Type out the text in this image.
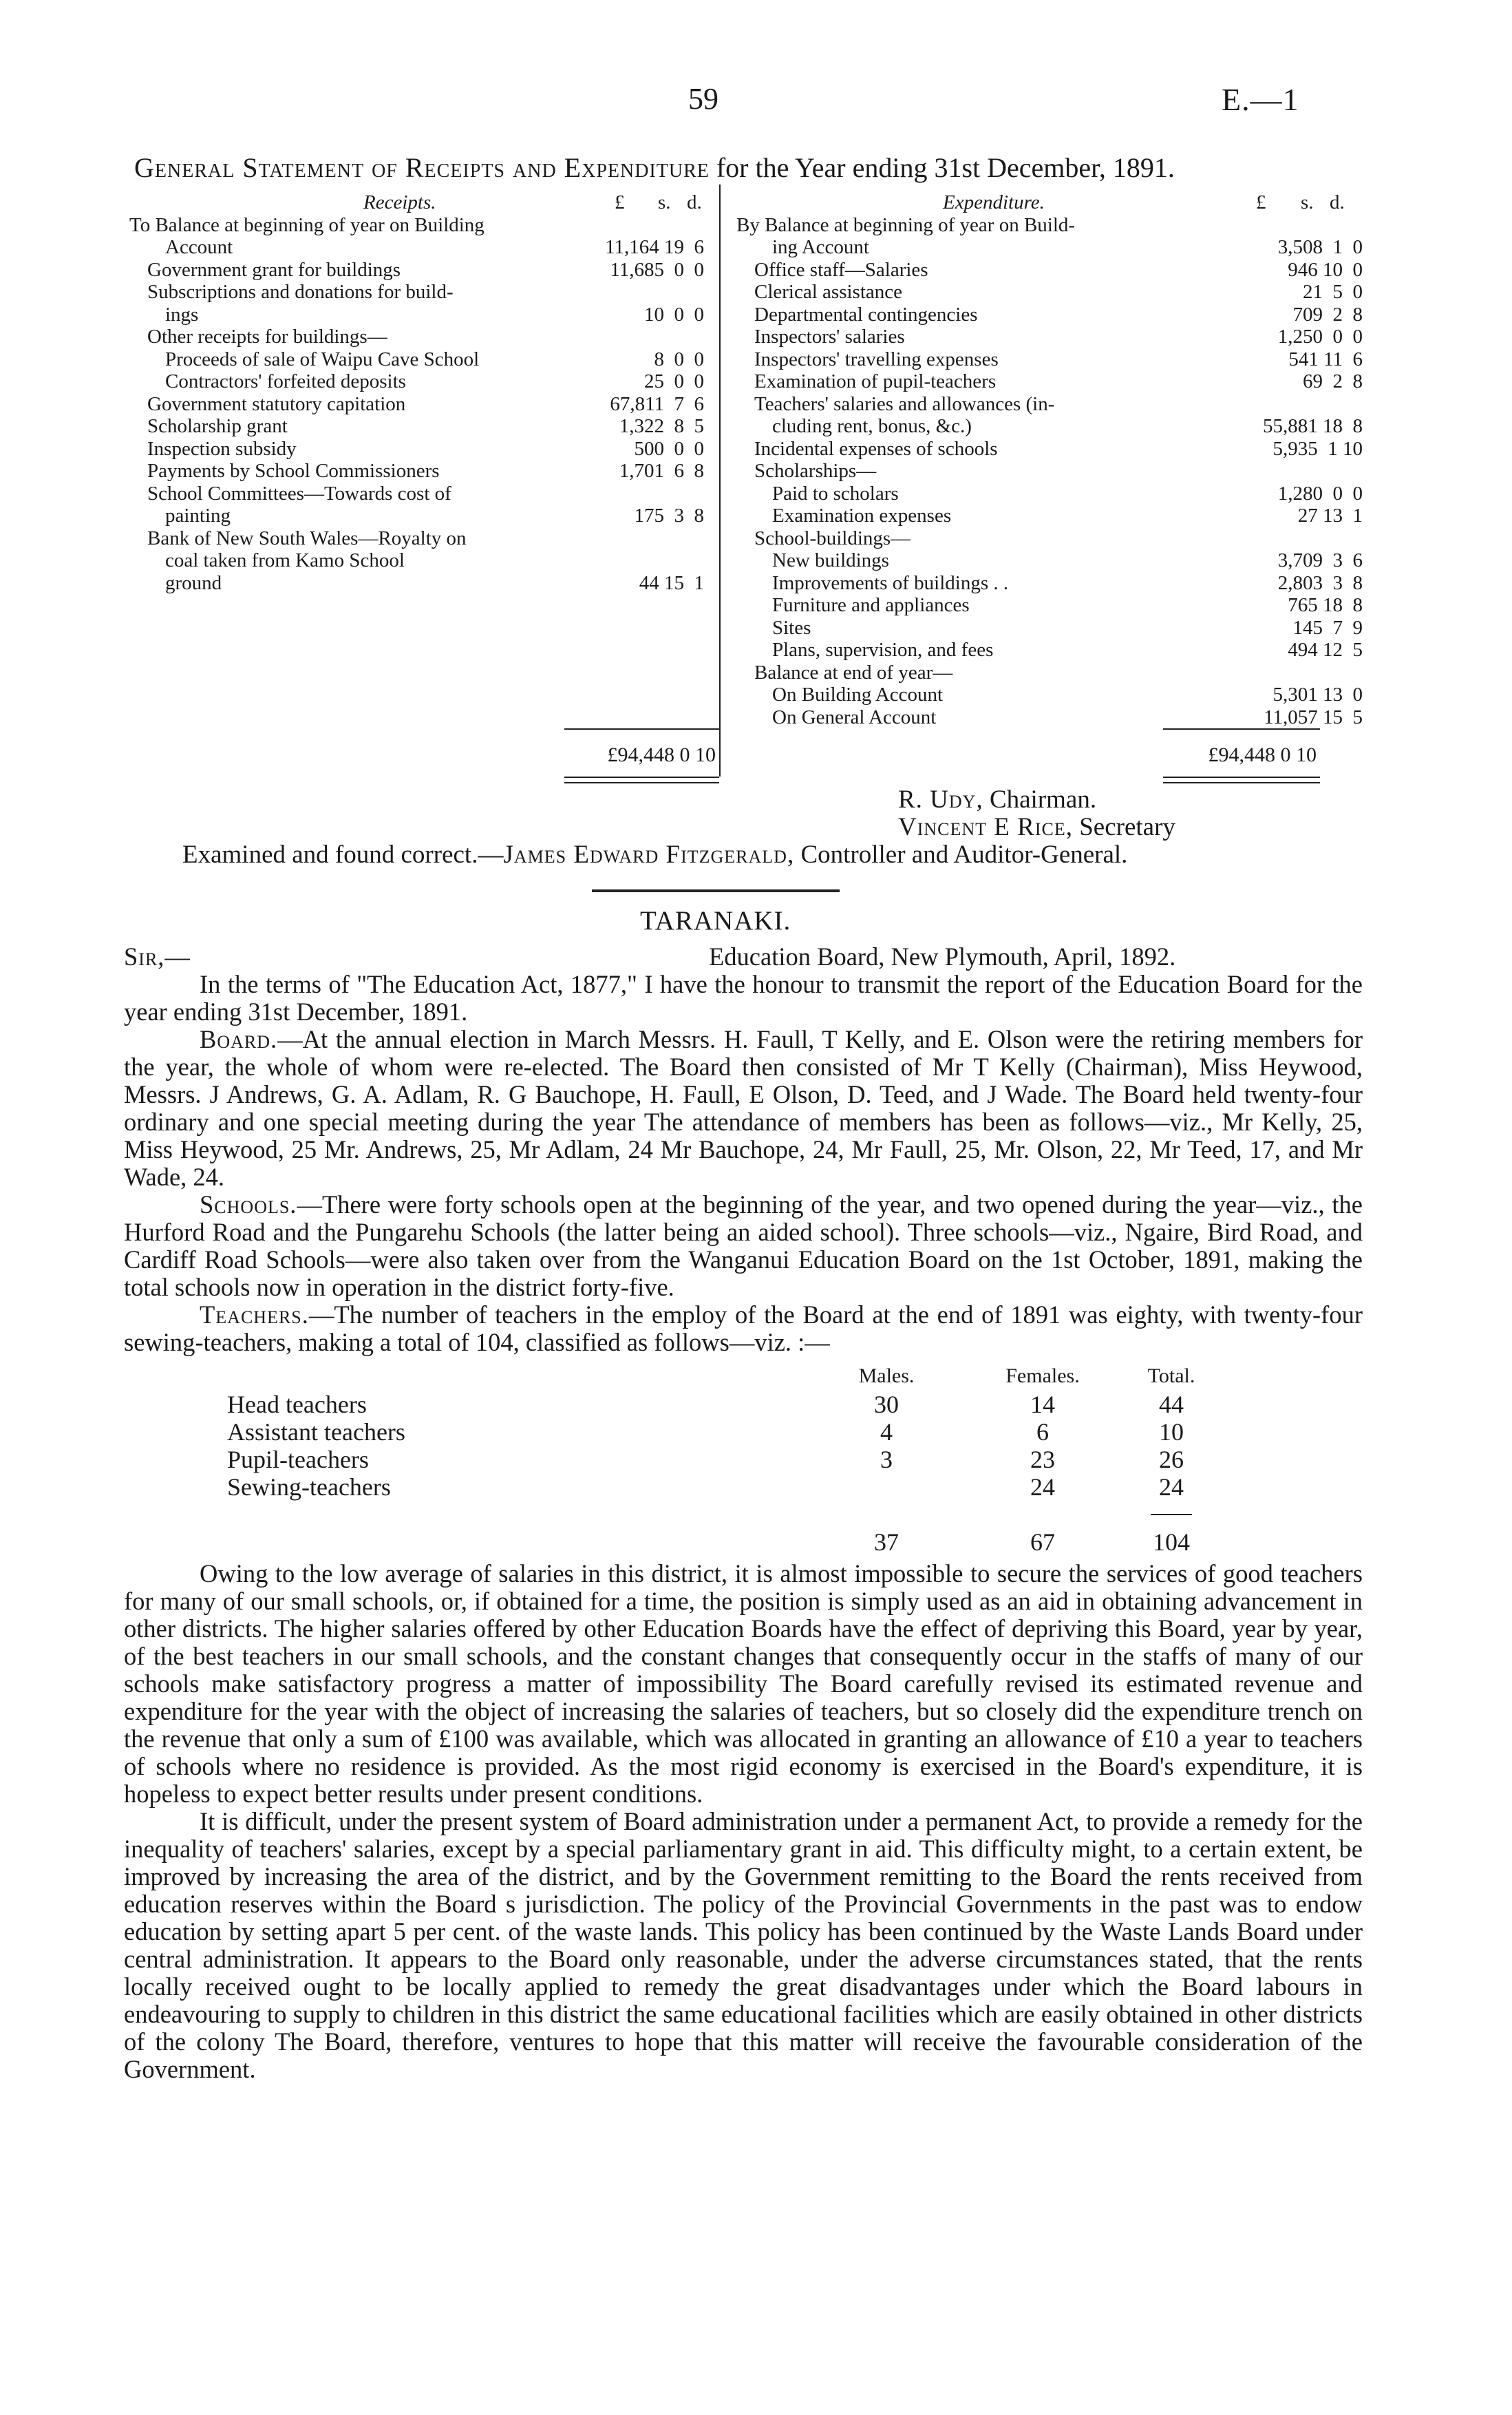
59	E.—1
General Statement of Receipts and Expenditure for the Year ending 31st December, 1891.
Receipts.	£ s. d.
To Balance at beginning of year on Building
Account	11,164 19  6
Government grant for buildings	11,685  0  0
Subscriptions and donations for build-
ings	10  0  0
Other receipts for buildings—
Proceeds of sale of Waipu Cave School	8  0  0
Contractors' forfeited deposits	25  0  0
Government statutory capitation	67,811  7  6
Scholarship grant	1,322  8  5
Inspection subsidy	500  0  0
Payments by School Commissioners	1,701  6  8
School Committees—Towards cost of
painting	175  3  8
Bank of New South Wales—Royalty on
coal taken from Kamo School
ground	44 15  1
Expenditure.	£ s. d.
By Balance at beginning of year on Build-
ing Account	3,508  1  0
Office staff—Salaries	946 10  0
Clerical assistance	21  5  0
Departmental contingencies	709  2  8
Inspectors' salaries	1,250  0  0
Inspectors' travelling expenses	541 11  6
Examination of pupil-teachers	69  2  8
Teachers' salaries and allowances (in-
cluding rent, bonus, &c.)	55,881 18  8
Incidental expenses of schools	5,935  1 10
Scholarships—
Paid to scholars	1,280  0  0
Examination expenses	27 13  1
School-buildings—
New buildings	3,709  3  6
Improvements of buildings . .	2,803  3  8
Furniture and appliances	765 18  8
Sites	145  7  9
Plans, supervision, and fees	494 12  5
Balance at end of year—
On Building Account	5,301 13  0
On General Account	11,057 15  5
£94,448 0 10	£94,448 0 10
R. Udy, Chairman.
Vincent E Rice, Secretary
Examined and found correct.—James Edward Fitzgerald, Controller and Auditor-General.
TARANAKI.
Sir,—	Education Board, New Plymouth, April, 1892.

In the terms of "The Education Act, 1877," I have the honour to transmit the report of the Education Board for the year ending 31st December, 1891.

Board.—At the annual election in March Messrs. H. Faull, T Kelly, and E. Olson were the retiring members for the year, the whole of whom were re-elected. The Board then consisted of Mr T Kelly (Chairman), Miss Heywood, Messrs. J Andrews, G. A. Adlam, R. G Bauchope, H. Faull, E Olson, D. Teed, and J Wade. The Board held twenty-four ordinary and one special meeting during the year The attendance of members has been as follows—viz., Mr Kelly, 25, Miss Heywood, 25 Mr. Andrews, 25, Mr Adlam, 24 Mr Bauchope, 24, Mr Faull, 25, Mr. Olson, 22, Mr Teed, 17, and Mr Wade, 24.

Schools.—There were forty schools open at the beginning of the year, and two opened during the year—viz., the Hurford Road and the Pungarehu Schools (the latter being an aided school). Three schools—viz., Ngaire, Bird Road, and Cardiff Road Schools—were also taken over from the Wanganui Education Board on the 1st October, 1891, making the total schools now in operation in the district forty-five.

Teachers.—The number of teachers in the employ of the Board at the end of 1891 was eighty, with twenty-four sewing-teachers, making a total of 104, classified as follows—viz. :—

	Males.	Females.	Total.
Head teachers	30	14	44
Assistant teachers	4	6	10
Pupil-teachers	3	23	26
Sewing-teachers		24	24

	37	67	104

Owing to the low average of salaries in this district, it is almost impossible to secure the services of good teachers for many of our small schools, or, if obtained for a time, the position is simply used as an aid in obtaining advancement in other districts. The higher salaries offered by other Education Boards have the effect of depriving this Board, year by year, of the best teachers in our small schools, and the constant changes that consequently occur in the staffs of many of our schools make satisfactory progress a matter of impossibility The Board carefully revised its estimated revenue and expenditure for the year with the object of increasing the salaries of teachers, but so closely did the expenditure trench on the revenue that only a sum of £100 was available, which was allocated in granting an allowance of £10 a year to teachers of schools where no residence is provided. As the most rigid economy is exercised in the Board's expenditure, it is hopeless to expect better results under present conditions.

It is difficult, under the present system of Board administration under a permanent Act, to provide a remedy for the inequality of teachers' salaries, except by a special parliamentary grant in aid. This difficulty might, to a certain extent, be improved by increasing the area of the district, and by the Government remitting to the Board the rents received from education reserves within the Board s jurisdiction. The policy of the Provincial Governments in the past was to endow education by setting apart 5 per cent. of the waste lands. This policy has been continued by the Waste Lands Board under central administration. It appears to the Board only reasonable, under the adverse circumstances stated, that the rents locally received ought to be locally applied to remedy the great disadvantages under which the Board labours in endeavouring to supply to children in this district the same educational facilities which are easily obtained in other districts of the colony The Board, therefore, ventures to hope that this matter will receive the favourable consideration of the Government.
